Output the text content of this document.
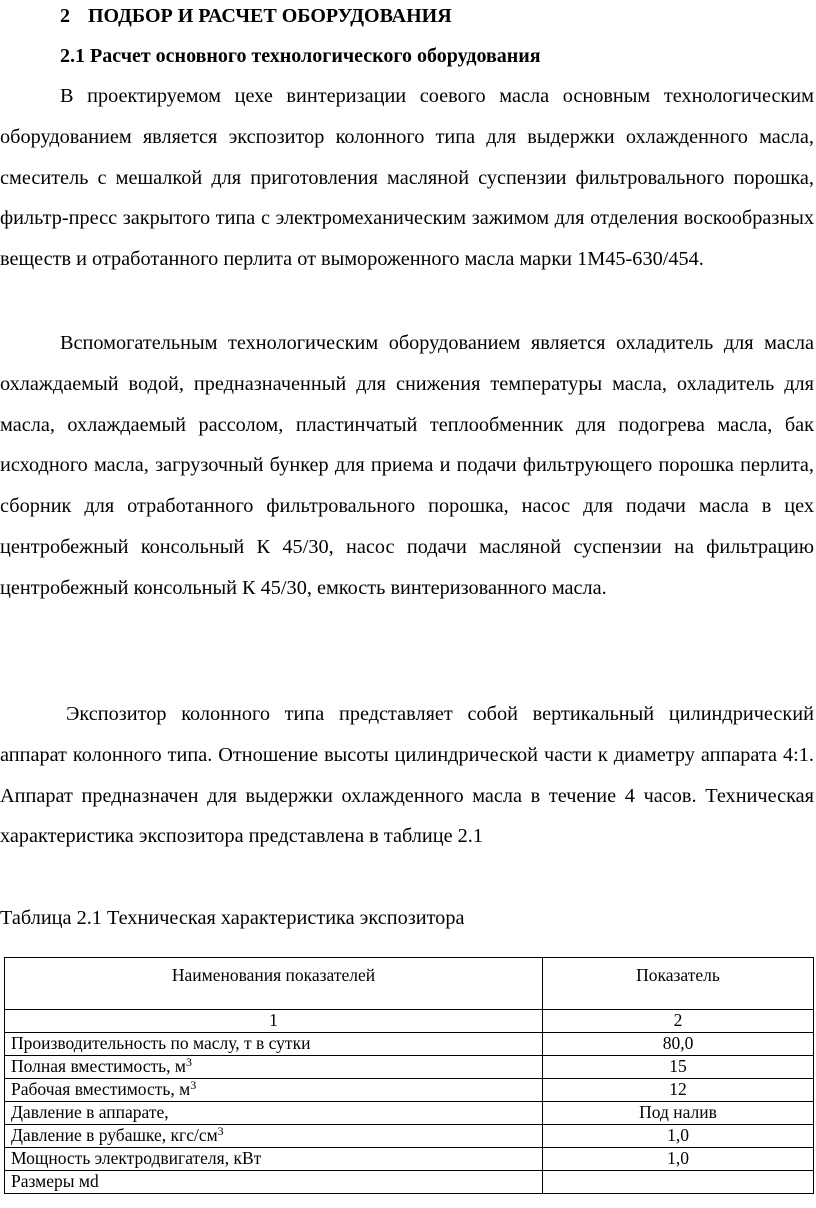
2 ПОДБОР И РАСЧЕТ ОБОРУДОВАНИЯ
2.1 Расчет основного технологического оборудования

В проектируемом цехе винтеризации соевого масла основным технологическим оборудованием является экспозитор колонного типа для выдержки охлажденного масла, смеситель с мешалкой для приготовления масляной суспензии фильтровального порошка, фильтр-пресс закрытого типа с электромеханическим зажимом для отделения воскообразных веществ и отработанного перлита от вымороженного масла марки 1М45-630/454.

Вспомогательным технологическим оборудованием является охладитель для масла охлаждаемый водой, предназначенный для снижения температуры масла, охладитель для масла, охлаждаемый рассолом, пластинчатый теплообменник для подогрева масла, бак исходного масла, загрузочный бункер для приема и подачи фильтрующего порошка перлита, сборник для отработанного фильтровального порошка, насос для подачи масла в цех центробежный консольный К 45/30, насос подачи масляной суспензии на фильтрацию центробежный консольный К 45/30, емкость винтеризованного масла.

Экспозитор колонного типа представляет собой вертикальный цилиндрический аппарат колонного типа. Отношение высоты цилиндрической части к диаметру аппарата 4:1. Аппарат предназначен для выдержки охлажденного масла в течение 4 часов. Техническая характеристика экспозитора представлена в таблице 2.1

Таблица 2.1 Техническая характеристика экспозитора
Наименования показателей	Показатель
1	2
Производительность по маслу, т в сутки	80,0
Полная вместимость, $м^3$	15
Рабочая вместимость, $м^3$	12
Давление в аппарате,	Под налив
Давление в рубашке, кгс/$см^3$	1,0
Мощность электродвигателя, кВт	1,0
Размеры мd	
